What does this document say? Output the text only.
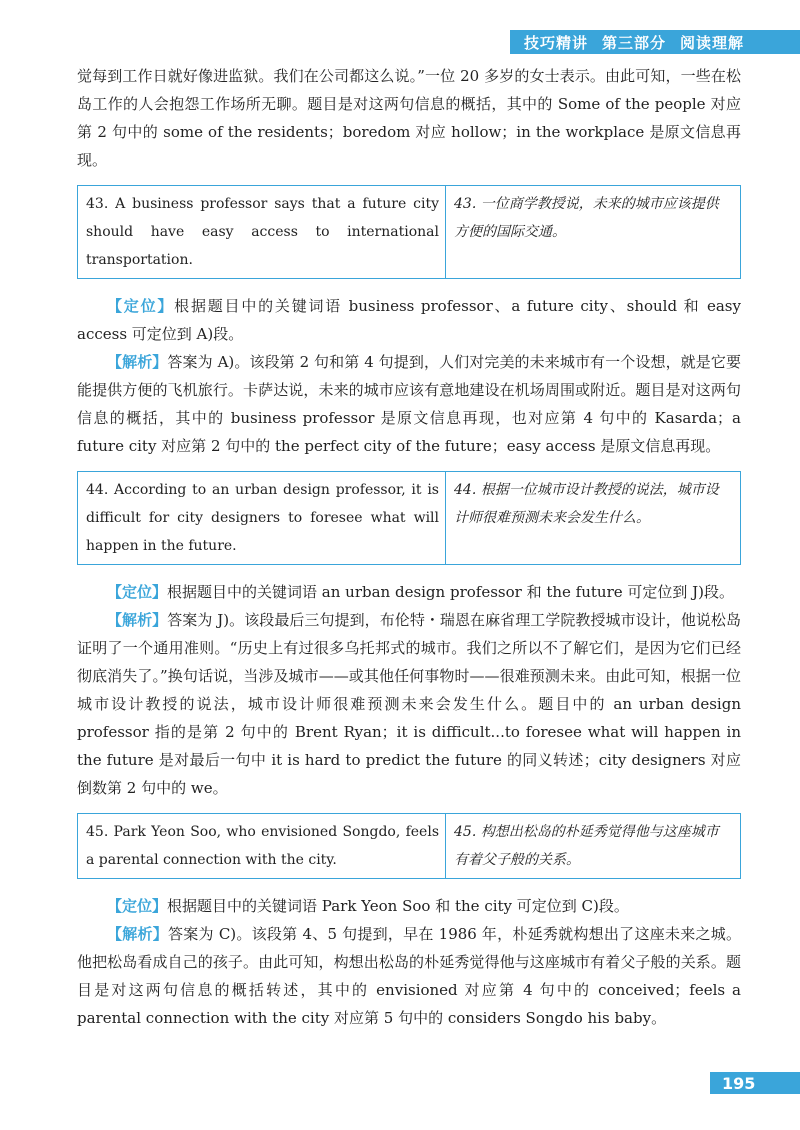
技巧精讲 第三部分 阅读理解

觉每到工作日就好像进监狱。我们在公司都这么说。”一位 20 多岁的女士表示。由此可知，一些在松岛工作的人会抱怨工作场所无聊。题目是对这两句信息的概括，其中的 Some of the people 对应第 2 句中的 some of the residents；boredom 对应 hollow；in the workplace 是原文信息再现。

43. A business professor says that a future city should have easy access to international transportation.
43. 一位商学教授说，未来的城市应该提供方便的国际交通。

【定位】根据题目中的关键词语 business professor、a future city、should 和 easy access 可定位到 A)段。

【解析】答案为 A)。该段第 2 句和第 4 句提到，人们对完美的未来城市有一个设想，就是它要能提供方便的飞机旅行。卡萨达说，未来的城市应该有意地建设在机场周围或附近。题目是对这两句信息的概括，其中的 business professor 是原文信息再现，也对应第 4 句中的 Kasarda；a future city 对应第 2 句中的 the perfect city of the future；easy access 是原文信息再现。

44. According to an urban design professor, it is difficult for city designers to foresee what will happen in the future.
44. 根据一位城市设计教授的说法，城市设计师很难预测未来会发生什么。

【定位】根据题目中的关键词语 an urban design professor 和 the future 可定位到 J)段。

【解析】答案为 J)。该段最后三句提到，布伦特・瑞恩在麻省理工学院教授城市设计，他说松岛证明了一个通用准则。“历史上有过很多乌托邦式的城市。我们之所以不了解它们，是因为它们已经彻底消失了。”换句话说，当涉及城市——或其他任何事物时——很难预测未来。由此可知，根据一位城市设计教授的说法，城市设计师很难预测未来会发生什么。题目中的 an urban design professor 指的是第 2 句中的 Brent Ryan；it is difficult...to foresee what will happen in the future 是对最后一句中 it is hard to predict the future 的同义转述；city designers 对应倒数第 2 句中的 we。

45. Park Yeon Soo, who envisioned Songdo, feels a parental connection with the city.
45. 构想出松岛的朴延秀觉得他与这座城市有着父子般的关系。

【定位】根据题目中的关键词语 Park Yeon Soo 和 the city 可定位到 C)段。

【解析】答案为 C)。该段第 4、5 句提到，早在 1986 年，朴延秀就构想出了这座未来之城。他把松岛看成自己的孩子。由此可知，构想出松岛的朴延秀觉得他与这座城市有着父子般的关系。题目是对这两句信息的概括转述，其中的 envisioned 对应第 4 句中的 conceived；feels a parental connection with the city 对应第 5 句中的 considers Songdo his baby。

195
